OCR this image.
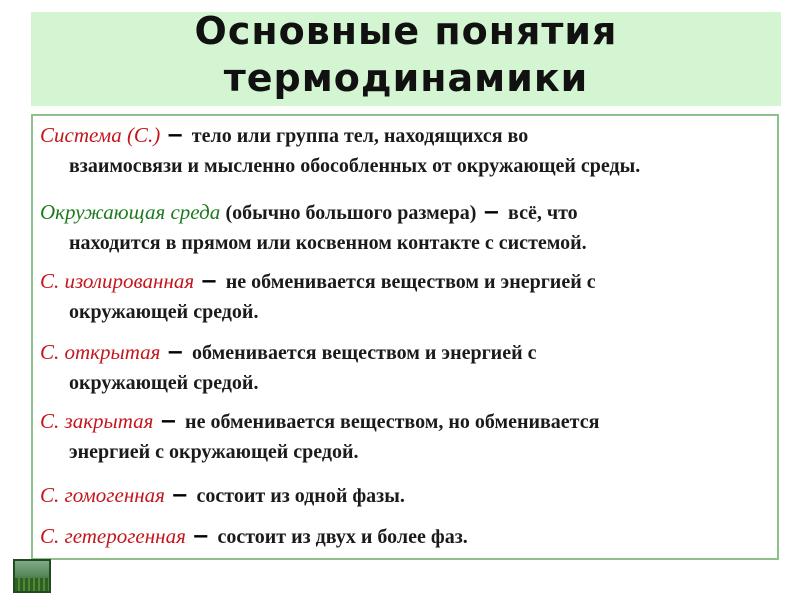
Основные понятия
термодинамики
Система (С.) − тело или группа тел, находящихся во
взаимосвязи и мысленно обособленных от окружающей среды.
Окружающая среда (обычно большого размера) − всё, что
находится в прямом или косвенном контакте с системой.
С. изолированная − не обменивается веществом и энергией с
окружающей средой.
С. открытая − обменивается веществом и энергией с
окружающей средой.
С. закрытая − не обменивается веществом, но обменивается
энергией с окружающей средой.
С. гомогенная − состоит из одной фазы.
С. гетерогенная − состоит из двух и более фаз.
